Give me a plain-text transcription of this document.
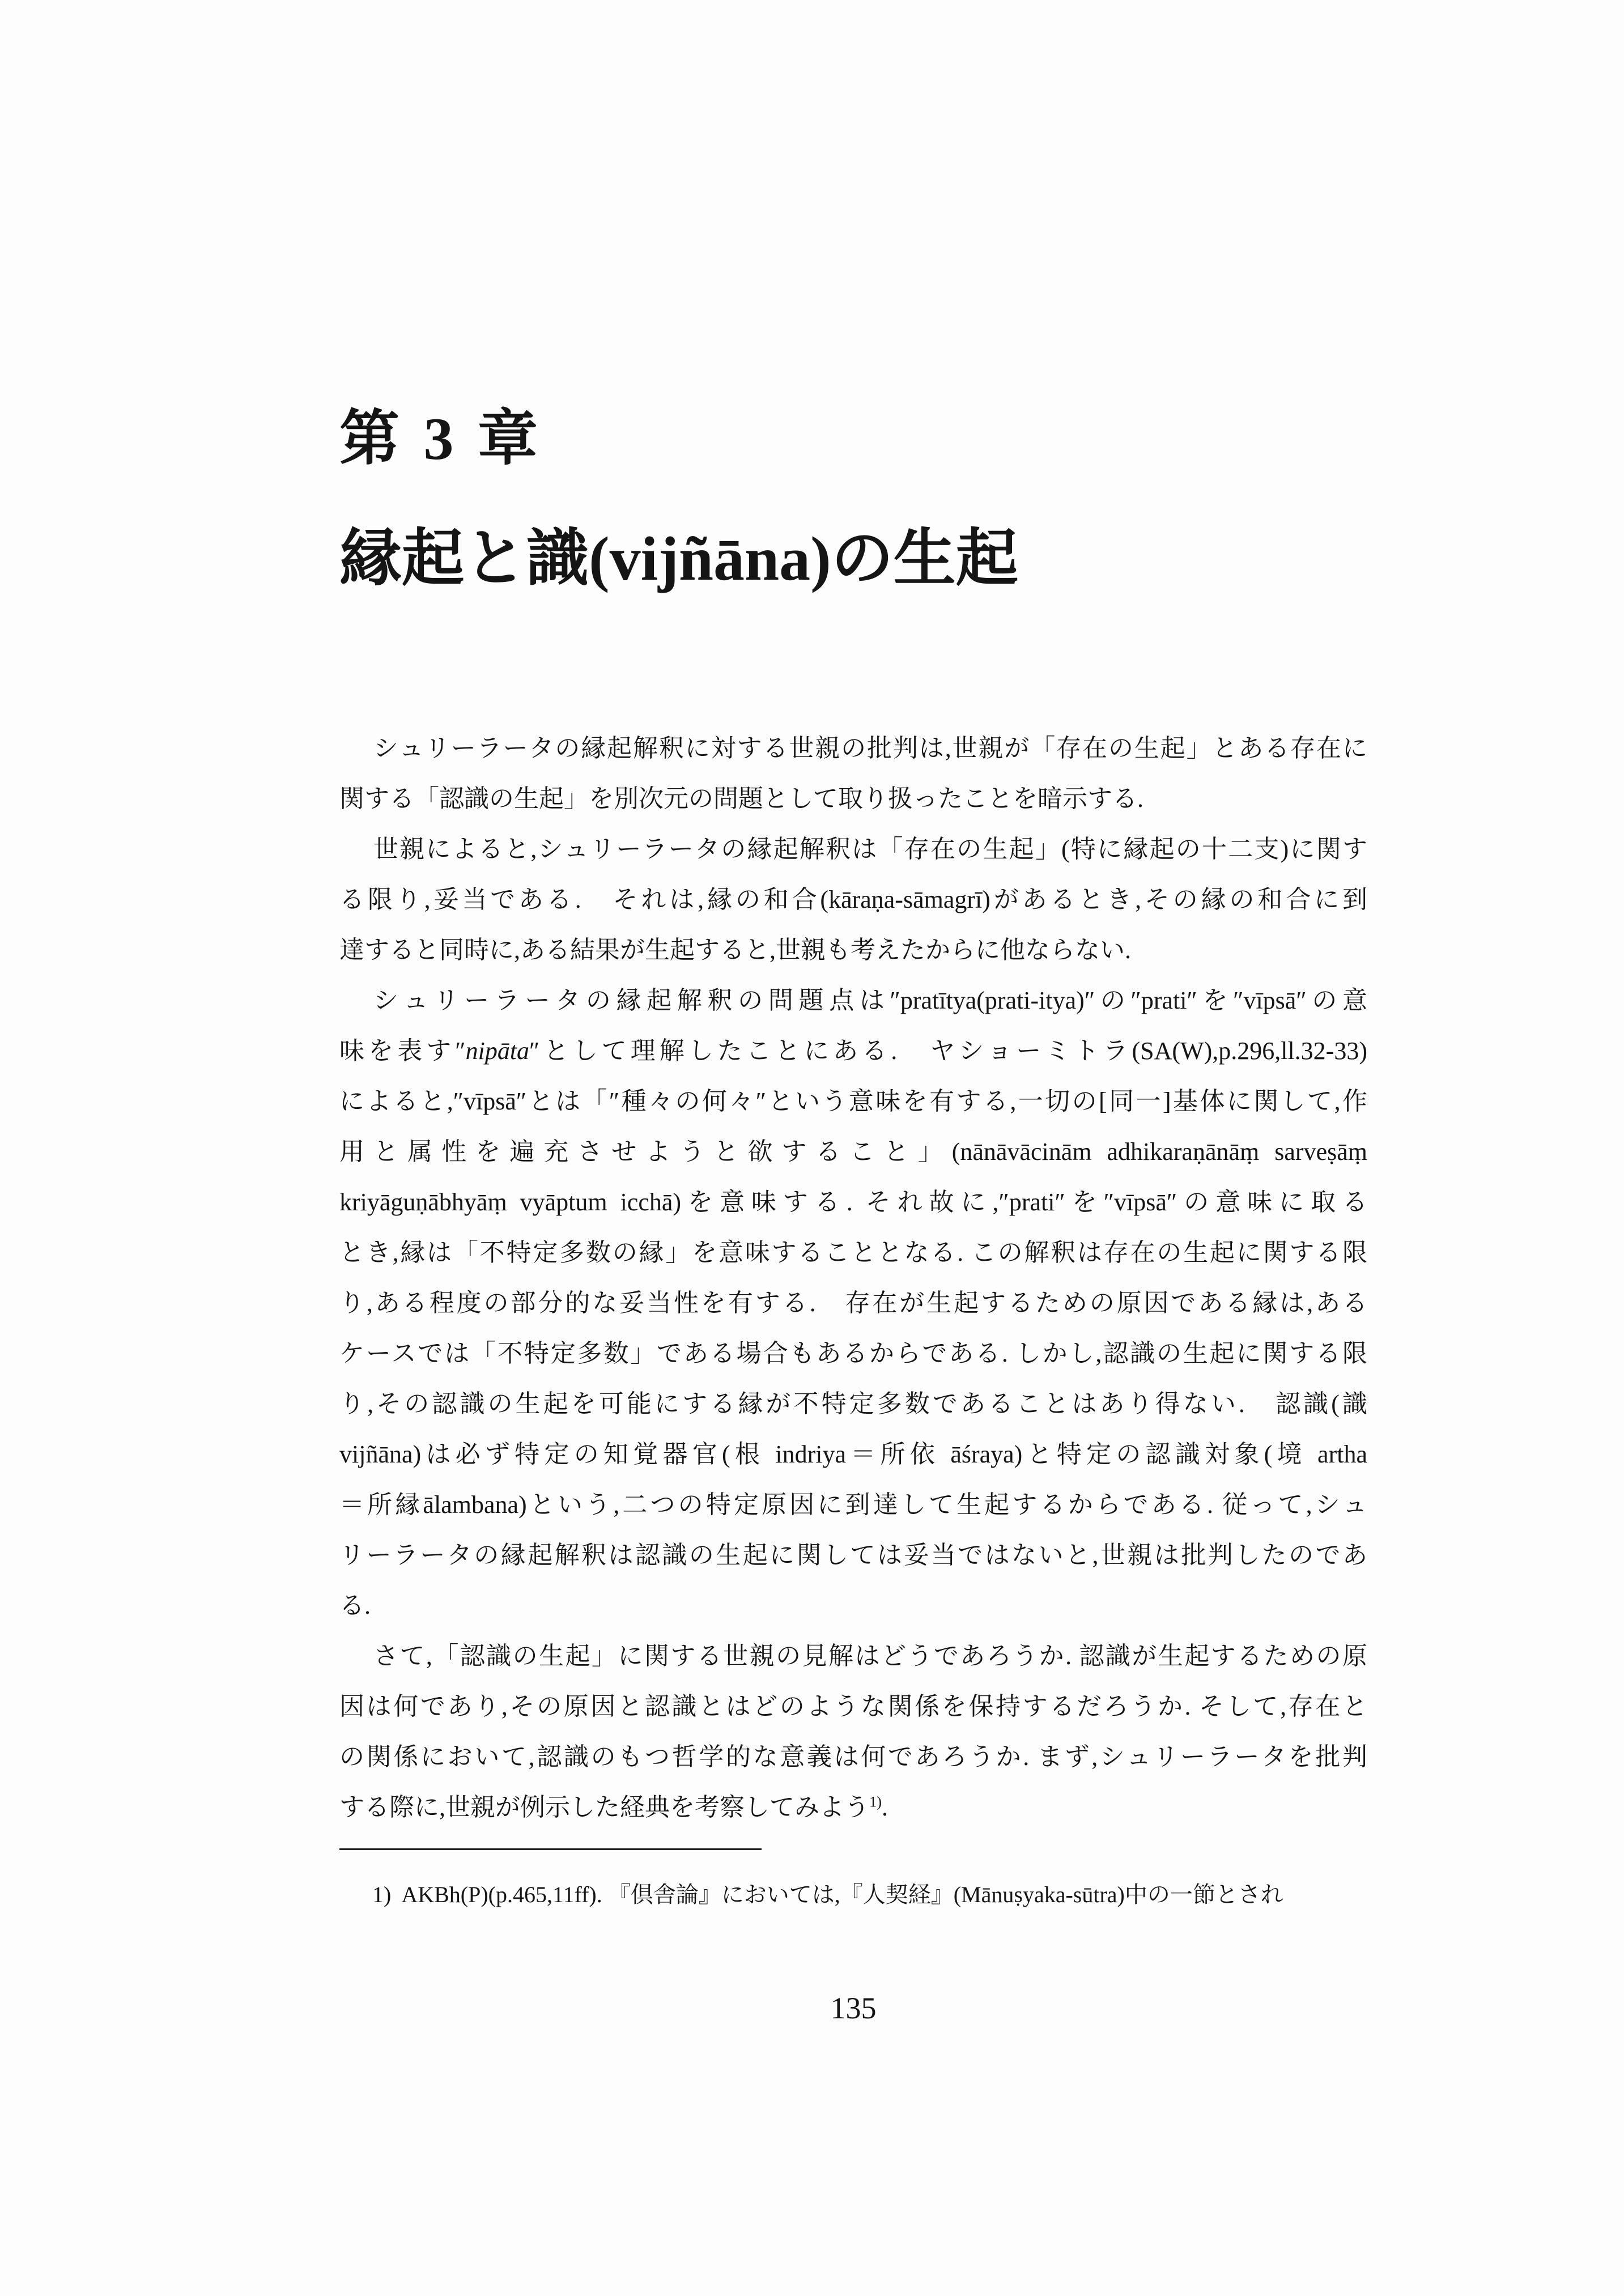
第 3 章
縁起と識(vijñāna)の生起
シュリーラータの縁起解釈に対する世親の批判は,世親が「存在の生起」とある存在に
関する「認識の生起」を別次元の問題として取り扱ったことを暗示する.
世親によると,シュリーラータの縁起解釈は「存在の生起」(特に縁起の十二支)に関す
る限り,妥当である.　それは,縁の和合(kāraṇa-sāmagrī)があるとき,その縁の和合に到
達すると同時に,ある結果が生起すると,世親も考えたからに他ならない.
シュリーラータの縁起解釈の問題点は″pratītya(prati-itya)″の″prati″を″vīpsā″の意
味を表す″nipāta″として理解したことにある.　ヤショーミトラ(SA(W),p.296,ll.32-33)
によると,″vīpsā″とは「″種々の何々″という意味を有する,一切の[同一]基体に関して,作
用と属性を遍充させようと欲すること」(nānāvācinām adhikaraṇānāṃ sarveṣāṃ
kriyāguṇābhyāṃ vyāptum icchā)を意味する. それ故に,″prati″を″vīpsā″の意味に取る
とき,縁は「不特定多数の縁」を意味することとなる. この解釈は存在の生起に関する限
り,ある程度の部分的な妥当性を有する.　存在が生起するための原因である縁は,ある
ケースでは「不特定多数」である場合もあるからである. しかし,認識の生起に関する限
り,その認識の生起を可能にする縁が不特定多数であることはあり得ない.　認識(識
vijñāna)は必ず特定の知覚器官(根 indriya＝所依 āśraya)と特定の認識対象(境 artha
＝所縁ālambana)という,二つの特定原因に到達して生起するからである. 従って,シュ
リーラータの縁起解釈は認識の生起に関しては妥当ではないと,世親は批判したのであ
る.
さて,「認識の生起」に関する世親の見解はどうであろうか. 認識が生起するための原
因は何であり,その原因と認識とはどのような関係を保持するだろうか. そして,存在と
の関係において,認識のもつ哲学的な意義は何であろうか. まず,シュリーラータを批判
する際に,世親が例示した経典を考察してみよう$^{1)}$.
1) AKBh(P)(p.465,11ff). 『倶舎論』においては,『人契経』(Mānuṣyaka-sūtra)中の一節とされ
135
